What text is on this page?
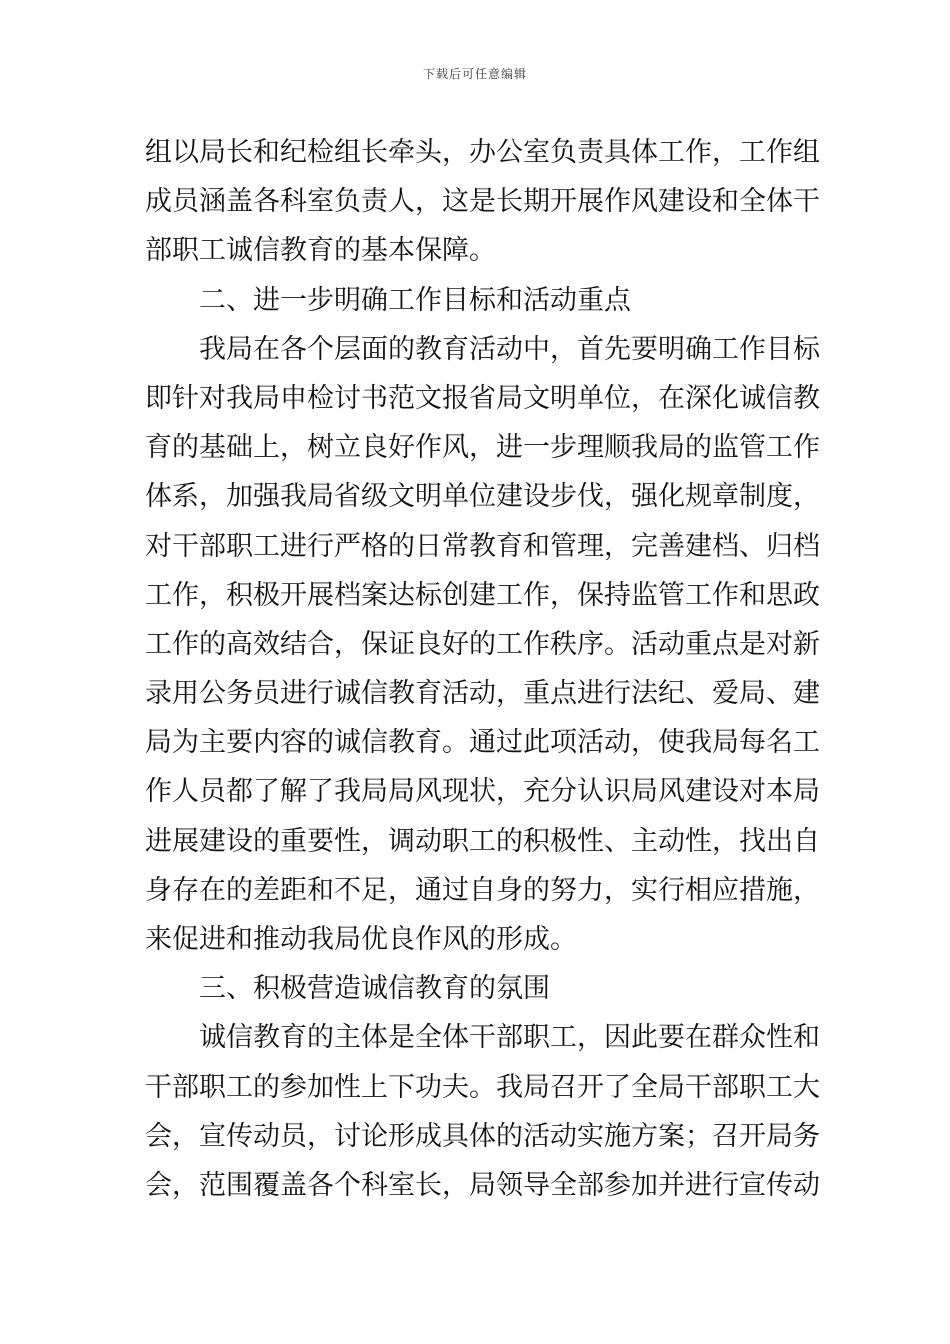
下载后可任意编辑
组以局长和纪检组长牵头，办公室负责具体工作，工作组
成员涵盖各科室负责人，这是长期开展作风建设和全体干
部职工诚信教育的基本保障。
二、进一步明确工作目标和活动重点
我局在各个层面的教育活动中，首先要明确工作目标
即针对我局申检讨书范文报省局文明单位，在深化诚信教
育的基础上，树立良好作风，进一步理顺我局的监管工作
体系，加强我局省级文明单位建设步伐，强化规章制度，
对干部职工进行严格的日常教育和管理，完善建档、归档
工作，积极开展档案达标创建工作，保持监管工作和思政
工作的高效结合，保证良好的工作秩序。活动重点是对新
录用公务员进行诚信教育活动，重点进行法纪、爱局、建
局为主要内容的诚信教育。通过此项活动，使我局每名工
作人员都了解了我局局风现状，充分认识局风建设对本局
进展建设的重要性，调动职工的积极性、主动性，找出自
身存在的差距和不足，通过自身的努力，实行相应措施，
来促进和推动我局优良作风的形成。
三、积极营造诚信教育的氛围
诚信教育的主体是全体干部职工，因此要在群众性和
干部职工的参加性上下功夫。我局召开了全局干部职工大
会，宣传动员，讨论形成具体的活动实施方案；召开局务
会，范围覆盖各个科室长，局领导全部参加并进行宣传动
